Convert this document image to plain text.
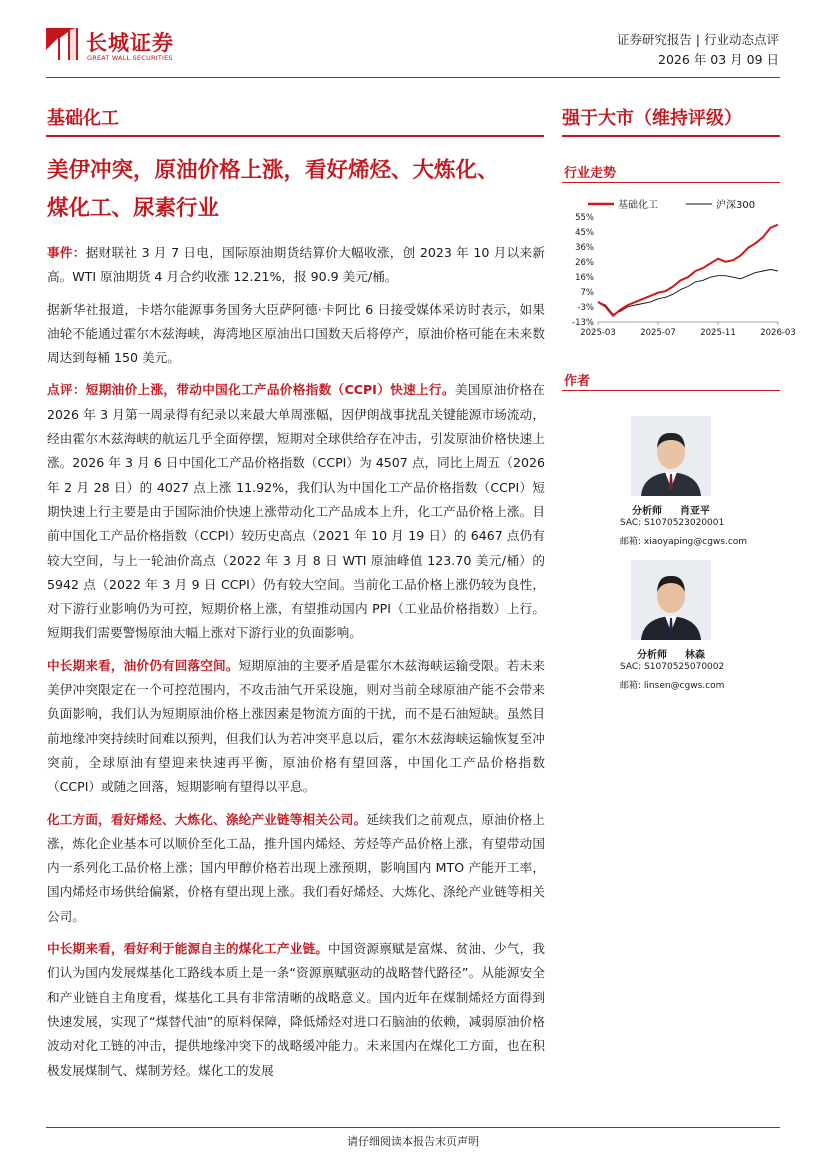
长城证券
GREAT WALL SECURITIES
证券研究报告 | 行业动态点评
2026 年 03 月 09 日
基础化工	强于大市（维持评级）
美伊冲突，原油价格上涨，看好烯烃、大炼化、
煤化工、尿素行业

事件：据财联社 3 月 7 日电，国际原油期货结算价大幅收涨，创 2023 年 10 月以来新高。WTI 原油期货 4 月合约收涨 12.21%，报 90.9 美元/桶。

据新华社报道，卡塔尔能源事务国务大臣萨阿德·卡阿比 6 日接受媒体采访时表示，如果油轮不能通过霍尔木兹海峡，海湾地区原油出口国数天后将停产，原油价格可能在未来数周达到每桶 150 美元。

点评：短期油价上涨，带动中国化工产品价格指数（CCPI）快速上行。美国原油价格在 2026 年 3 月第一周录得有纪录以来最大单周涨幅，因伊朗战事扰乱关键能源市场流动，经由霍尔木兹海峡的航运几乎全面停摆，短期对全球供给存在冲击，引发原油价格快速上涨。2026 年 3 月 6 日中国化工产品价格指数（CCPI）为 4507 点，同比上周五（2026 年 2 月 28 日）的 4027 点上涨 11.92%，我们认为中国化工产品价格指数（CCPI）短期快速上行主要是由于国际油价快速上涨带动化工产品成本上升，化工产品价格上涨。目前中国化工产品价格指数（CCPI）较历史高点（2021 年 10 月 19 日）的 6467 点仍有较大空间，与上一轮油价高点（2022 年 3 月 8 日 WTI 原油峰值 123.70 美元/桶）的 5942 点（2022 年 3 月 9 日 CCPI）仍有较大空间。当前化工品价格上涨仍较为良性，对下游行业影响仍为可控，短期价格上涨，有望推动国内 PPI（工业品价格指数）上行。短期我们需要警惕原油大幅上涨对下游行业的负面影响。

中长期来看，油价仍有回落空间。短期原油的主要矛盾是霍尔木兹海峡运输受限。若未来美伊冲突限定在一个可控范围内，不攻击油气开采设施，则对当前全球原油产能不会带来负面影响，我们认为短期原油价格上涨因素是物流方面的干扰，而不是石油短缺。虽然目前地缘冲突持续时间难以预判，但我们认为若冲突平息以后，霍尔木兹海峡运输恢复至冲突前，全球原油有望迎来快速再平衡，原油价格有望回落，中国化工产品价格指数（CCPI）或随之回落，短期影响有望得以平息。

化工方面，看好烯烃、大炼化、涤纶产业链等相关公司。延续我们之前观点，原油价格上涨，炼化企业基本可以顺价至化工品，推升国内烯烃、芳烃等产品价格上涨，有望带动国内一系列化工品价格上涨；国内甲醇价格若出现上涨预期，影响国内 MTO 产能开工率，国内烯烃市场供给偏紧，价格有望出现上涨。我们看好烯烃、大炼化、涤纶产业链等相关公司。

中长期来看，看好利于能源自主的煤化工产业链。中国资源禀赋是富煤、贫油、少气，我们认为国内发展煤基化工路线本质上是一条“资源禀赋驱动的战略替代路径”。从能源安全和产业链自主角度看，煤基化工具有非常清晰的战略意义。国内近年在煤制烯烃方面得到快速发展，实现了“煤替代油”的原料保障，降低烯烃对进口石脑油的依赖，减弱原油价格波动对化工链的冲击，提供地缘冲突下的战略缓冲能力。未来国内在煤化工方面，也在积极发展煤制气、煤制芳烃。煤化工的发展

行业走势
基础化工	沪深300
55%
45%
36%
26%
16%
7%
-3%
-13%
2025-03	2025-07	2025-11	2026-03
作者
分析师 肖亚平
SAC: S1070523020001
邮箱: xiaoyaping@cgws.com
分析师 林森
SAC: S1070525070002
邮箱: linsen@cgws.com
请仔细阅读本报告末页声明
